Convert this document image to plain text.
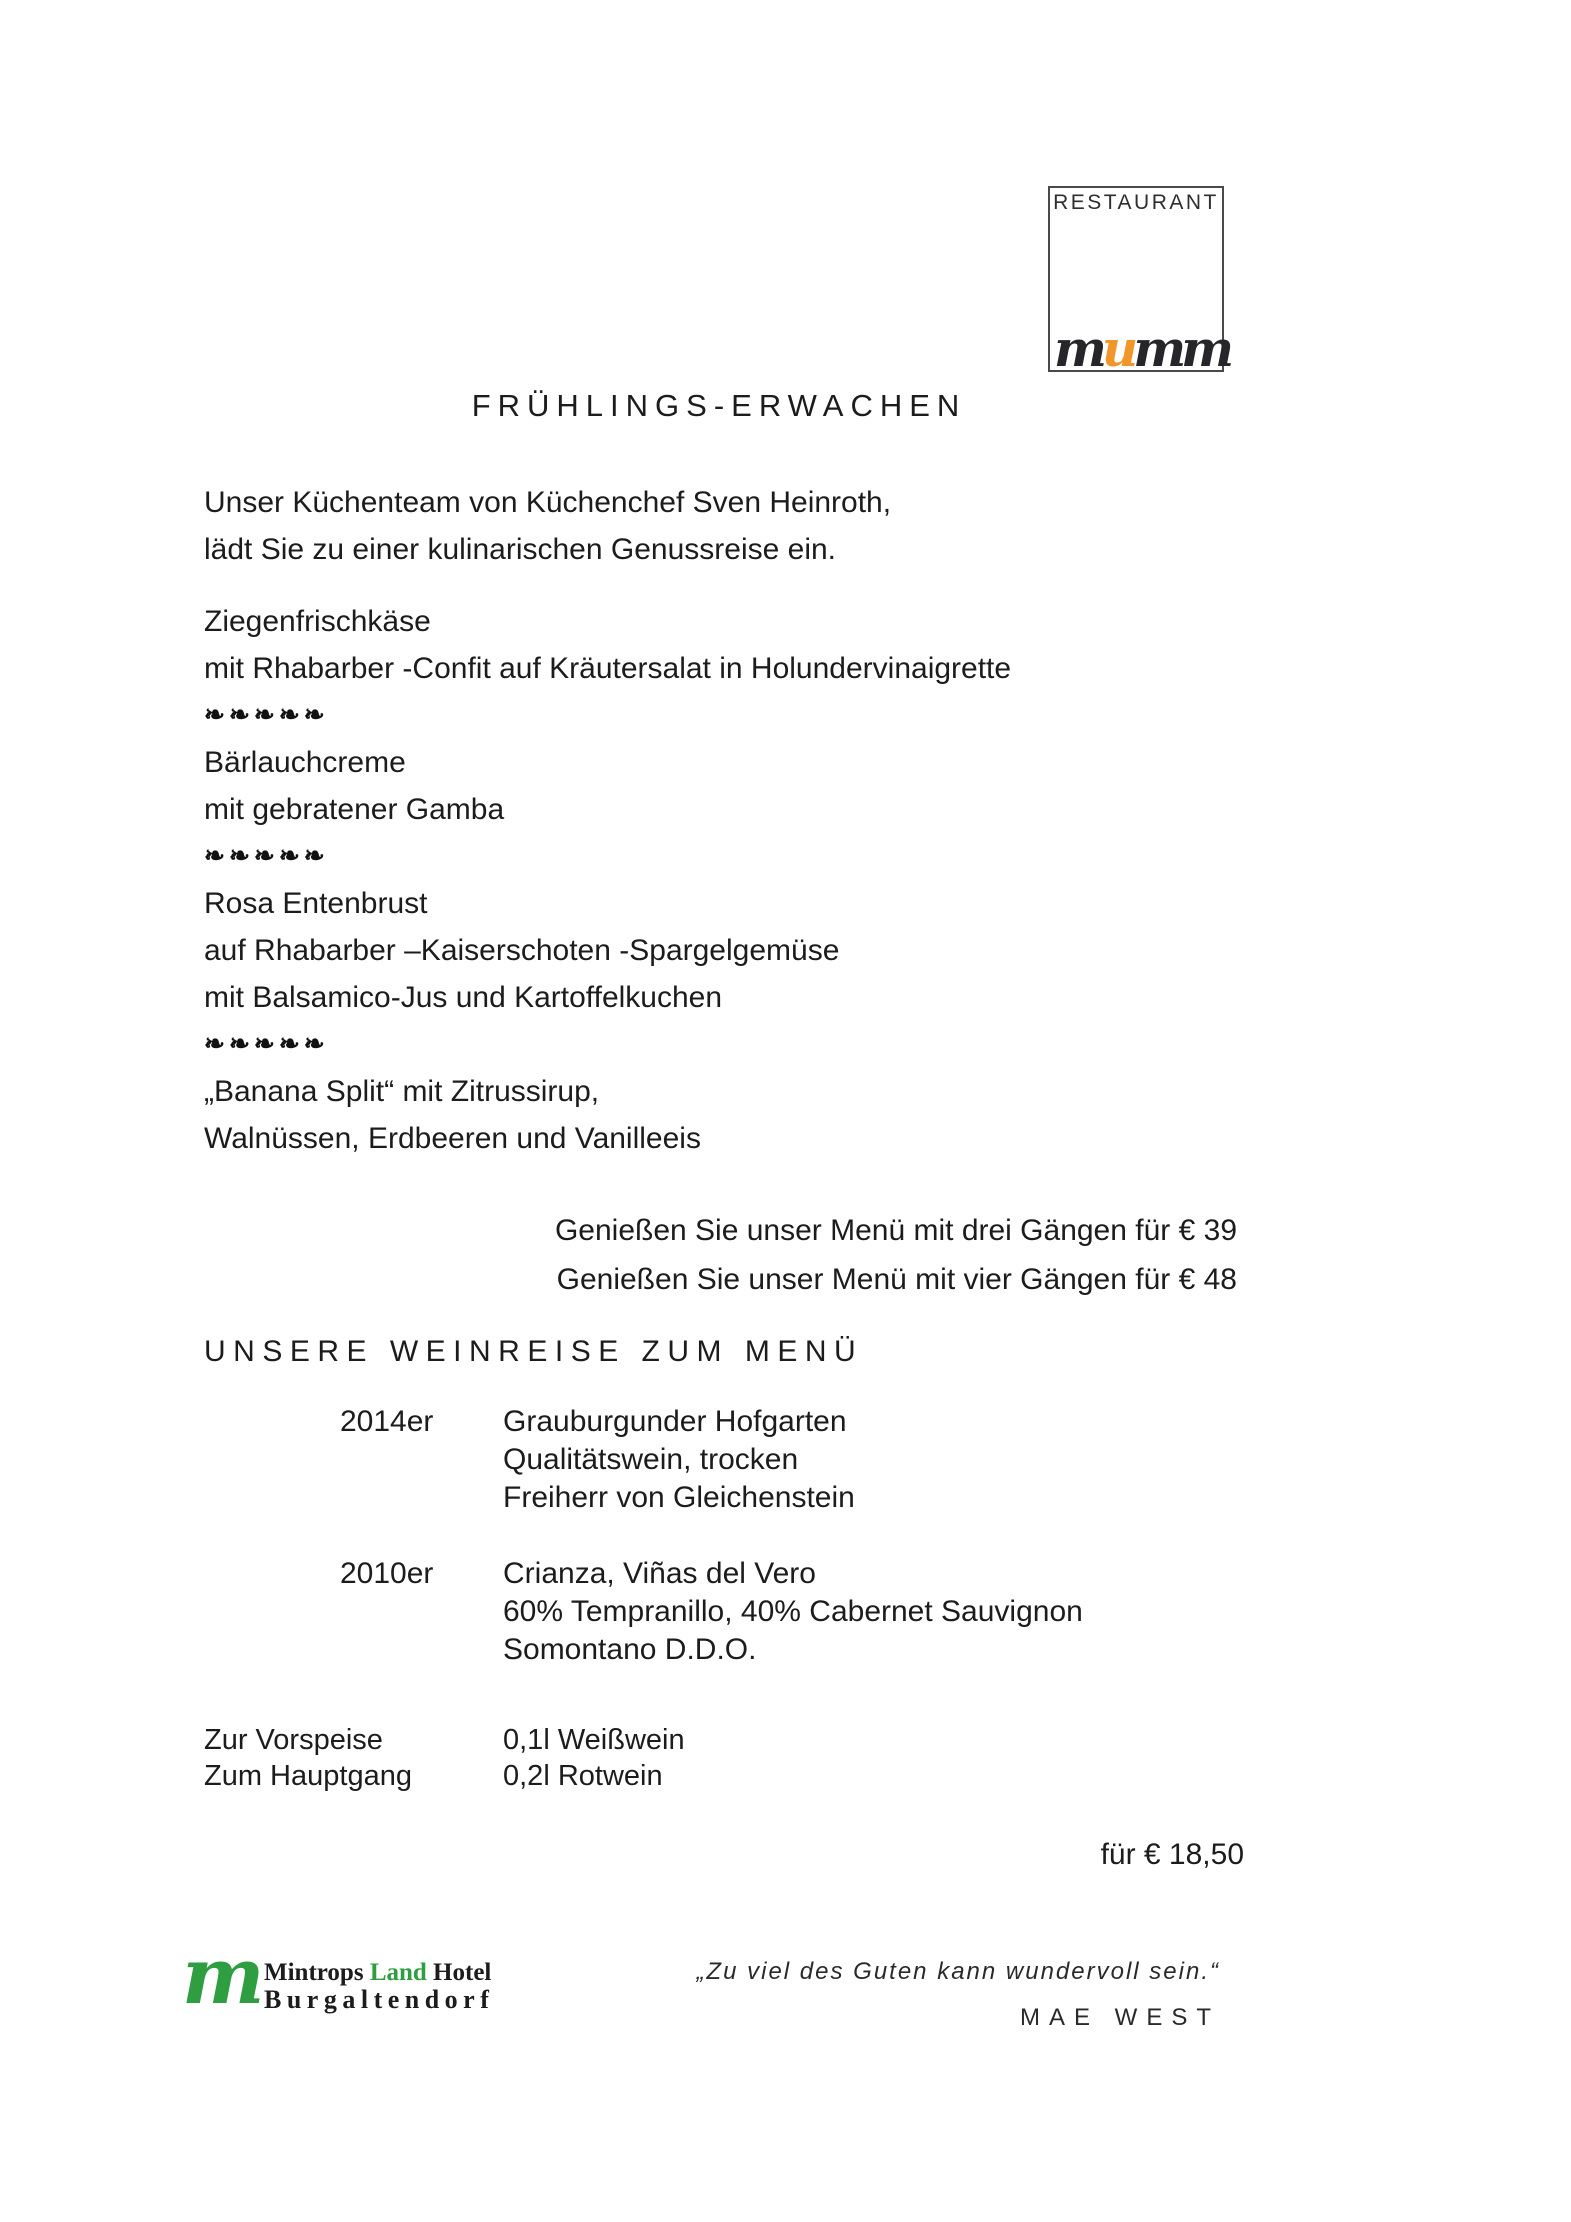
RESTAURANT
mumm
FRÜHLINGS-ERWACHEN
Unser Küchenteam von Küchenchef Sven Heinroth,
lädt Sie zu einer kulinarischen Genussreise ein.
Ziegenfrischkäse
mit Rhabarber -Confit auf Kräutersalat in Holundervinaigrette
❧❧❧❧❧
Bärlauchcreme
mit gebratener Gamba
❧❧❧❧❧
Rosa Entenbrust
auf Rhabarber –Kaiserschoten -Spargelgemüse
mit Balsamico-Jus und Kartoffelkuchen
❧❧❧❧❧
„Banana Split“ mit Zitrussirup,
Walnüssen, Erdbeeren und Vanilleeis
Genießen Sie unser Menü mit drei Gängen für € 39
Genießen Sie unser Menü mit vier Gängen für € 48
UNSERE WEINREISE ZUM MENÜ
2014er	Grauburgunder Hofgarten
Qualitätswein, trocken
Freiherr von Gleichenstein
2010er	Crianza, Viñas del Vero
60% Tempranillo, 40% Cabernet Sauvignon
Somontano D.D.O.
Zur Vorspeise	0,1l Weißwein
Zum Hauptgang	0,2l Rotwein
für € 18,50
m Mintrops Land Hotel
Burgaltendorf
„Zu viel des Guten kann wundervoll sein.“
MAE WEST
